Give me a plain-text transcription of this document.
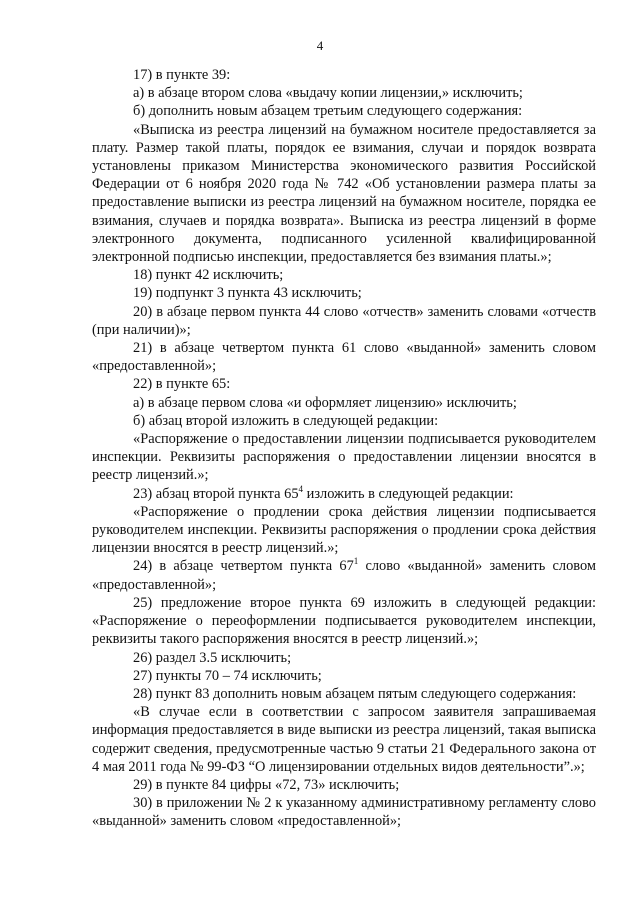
4

17) в пункте 39:

а) в абзаце втором слова «выдачу копии лицензии,» исключить;

б) дополнить новым абзацем третьим следующего содержания:

«Выписка из реестра лицензий на бумажном носителе предоставляется за плату. Размер такой платы, порядок ее взимания, случаи и порядок возврата установлены приказом Министерства экономического развития Российской Федерации от 6 ноября 2020 года № 742 «Об установлении размера платы за предоставление выписки из реестра лицензий на бумажном носителе, порядка ее взимания, случаев и порядка возврата». Выписка из реестра лицензий в форме электронного документа, подписанного усиленной квалифицированной электронной подписью инспекции, предоставляется без взимания платы.»;

18) пункт 42 исключить;

19) подпункт 3 пункта 43 исключить;

20) в абзаце первом пункта 44 слово «отчеств» заменить словами «отчеств (при наличии)»;

21) в абзаце четвертом пункта 61 слово «выданной» заменить словом «предоставленной»;

22) в пункте 65:

а) в абзаце первом слова «и оформляет лицензию» исключить;

б) абзац второй изложить в следующей редакции:

«Распоряжение о предоставлении лицензии подписывается руководителем инспекции. Реквизиты распоряжения о предоставлении лицензии вносятся в реестр лицензий.»;

23) абзац второй пункта $65^4$ изложить в следующей редакции:

«Распоряжение о продлении срока действия лицензии подписывается руководителем инспекции. Реквизиты распоряжения о продлении срока действия лицензии вносятся в реестр лицензий.»;

24) в абзаце четвертом пункта $67^1$ слово «выданной» заменить словом «предоставленной»;

25) предложение второе пункта 69 изложить в следующей редакции: «Распоряжение о переоформлении подписывается руководителем инспекции, реквизиты такого распоряжения вносятся в реестр лицензий.»;

26) раздел 3.5 исключить;

27) пункты 70 – 74 исключить;

28) пункт 83 дополнить новым абзацем пятым следующего содержания:

«В случае если в соответствии с запросом заявителя запрашиваемая информация предоставляется в виде выписки из реестра лицензий, такая выписка содержит сведения, предусмотренные частью 9 статьи 21 Федерального закона от 4 мая 2011 года № 99-ФЗ “О лицензировании отдельных видов деятельности”.»;

29) в пункте 84 цифры «72, 73» исключить;

30) в приложении № 2 к указанному административному регламенту слово «выданной» заменить словом «предоставленной»;
